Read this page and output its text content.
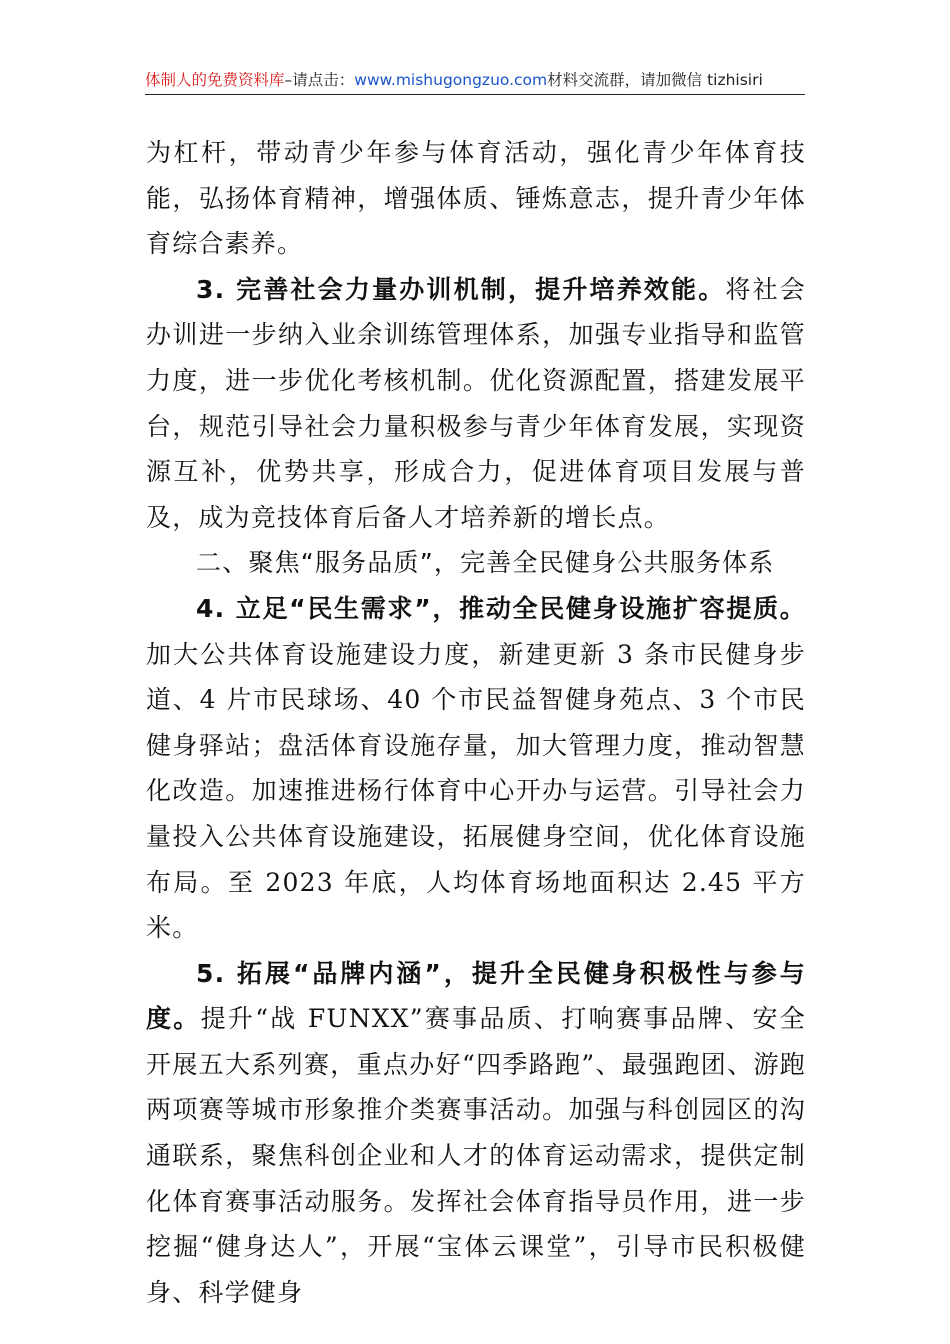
体制人的免费资料库–请点击：www.mishugongzuo.com材料交流群，请加微信 tizhisiri

为杠杆，带动青少年参与体育活动，强化青少年体育技能，弘扬体育精神，增强体质、锤炼意志，提升青少年体育综合素养。

3. 完善社会力量办训机制，提升培养效能。将社会办训进一步纳入业余训练管理体系，加强专业指导和监管力度，进一步优化考核机制。优化资源配置，搭建发展平台，规范引导社会力量积极参与青少年体育发展，实现资源互补，优势共享，形成合力，促进体育项目发展与普及，成为竞技体育后备人才培养新的增长点。

二、聚焦“服务品质”，完善全民健身公共服务体系

4. 立足“民生需求”，推动全民健身设施扩容提质。加大公共体育设施建设力度，新建更新 3 条市民健身步道、4 片市民球场、40 个市民益智健身苑点、3 个市民健身驿站；盘活体育设施存量，加大管理力度，推动智慧化改造。加速推进杨行体育中心开办与运营。引导社会力量投入公共体育设施建设，拓展健身空间，优化体育设施布局。至 2023 年底，人均体育场地面积达 2.45 平方米。

5. 拓展“品牌内涵”，提升全民健身积极性与参与度。提升“战 FUNXX”赛事品质、打响赛事品牌、安全开展五大系列赛，重点办好“四季路跑”、最强跑团、游跑两项赛等城市形象推介类赛事活动。加强与科创园区的沟通联系，聚焦科创企业和人才的体育运动需求，提供定制化体育赛事活动服务。发挥社会体育指导员作用，进一步挖掘“健身达人”，开展“宝体云课堂”，引导市民积极健身、科学健身
